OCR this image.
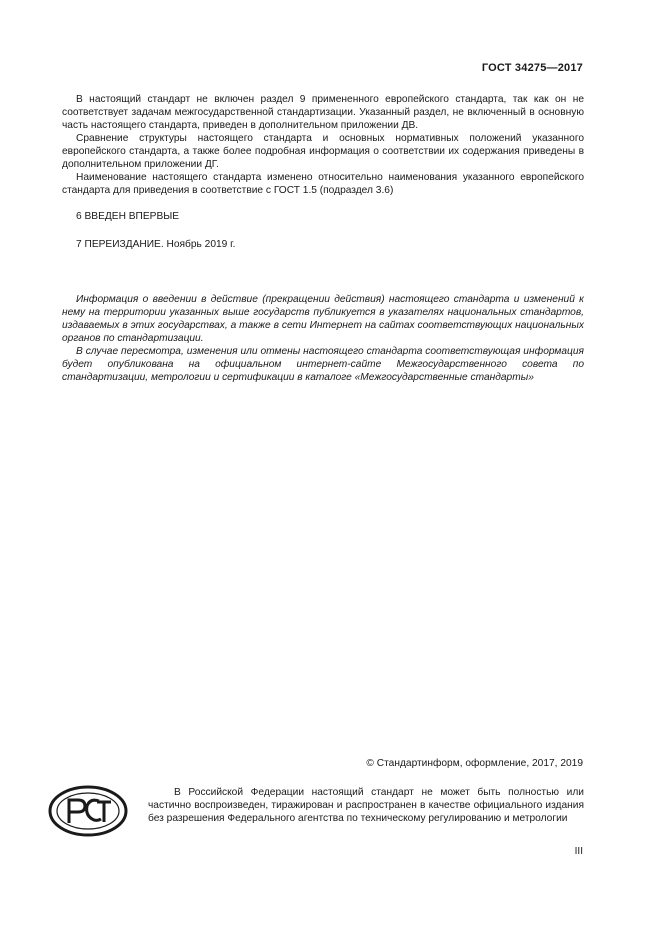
ГОСТ 34275—2017

В настоящий стандарт не включен раздел 9 примененного европейского стандарта, так как он не соответствует задачам межгосударственной стандартизации. Указанный раздел, не включенный в основную часть настоящего стандарта, приведен в дополнительном приложении ДВ.

Сравнение структуры настоящего стандарта и основных нормативных положений указанного европейского стандарта, а также более подробная информация о соответствии их содержания приведены в дополнительном приложении ДГ.

Наименование настоящего стандарта изменено относительно наименования указанного европейского стандарта для приведения в соответствие с ГОСТ 1.5 (подраздел 3.6)

6 ВВЕДЕН ВПЕРВЫЕ
7 ПЕРЕИЗДАНИЕ. Ноябрь 2019 г.

Информация о введении в действие (прекращении действия) настоящего стандарта и изменений к нему на территории указанных выше государств публикуется в указателях национальных стандартов, издаваемых в этих государствах, а также в сети Интернет на сайтах соответствующих национальных органов по стандартизации.

В случае пересмотра, изменения или отмены настоящего стандарта соответствующая информация будет опубликована на официальном интернет-сайте Межгосударственного совета по стандартизации, метрологии и сертификации в каталоге «Межгосударственные стандарты»

© Стандартинформ, оформление, 2017, 2019

В Российской Федерации настоящий стандарт не может быть полностью или частично воспроизведен, тиражирован и распространен в качестве официального издания без разрешения Федерального агентства по техническому регулированию и метрологии

III
